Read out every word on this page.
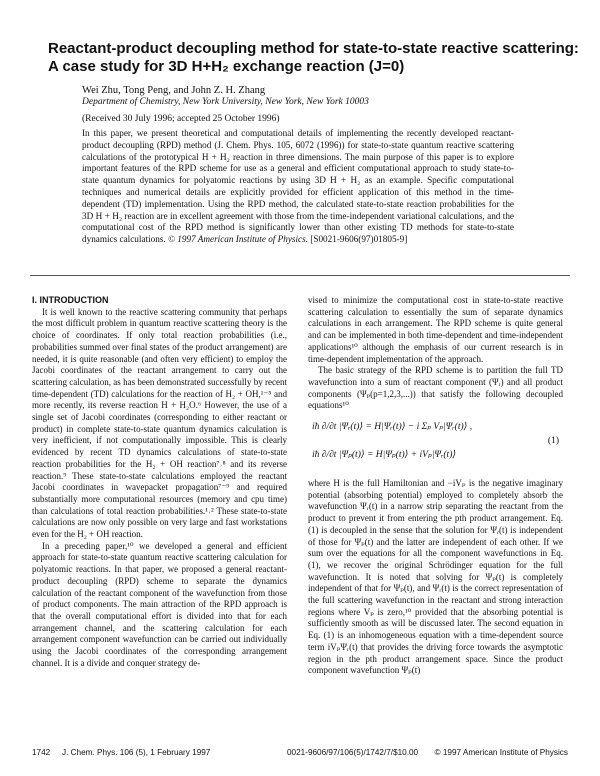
Reactant-product decoupling method for state-to-state reactive scattering:
A case study for 3D H+H₂ exchange reaction (J=0)
Wei Zhu, Tong Peng, and John Z. H. Zhang
Department of Chemistry, New York University, New York, New York 10003
(Received 30 July 1996; accepted 25 October 1996)

In this paper, we present theoretical and computational details of implementing the recently developed reactant-product decoupling (RPD) method (J. Chem. Phys. 105, 6072 (1996)) for state-to-state quantum reactive scattering calculations of the prototypical H + H₂ reaction in three dimensions. The main purpose of this paper is to explore important features of the RPD scheme for use as a general and efficient computational approach to study state-to-state quantum dynamics for polyatomic reactions by using 3D H + H₂ as an example. Specific computational techniques and numerical details are explicitly provided for efficient application of this method in the time-dependent (TD) implementation. Using the RPD method, the calculated state-to-state reaction probabilities for the 3D H + H₂ reaction are in excellent agreement with those from the time-independent variational calculations, and the computational cost of the RPD method is significantly lower than other existing TD methods for state-to-state dynamics calculations. © 1997 American Institute of Physics. [S0021-9606(97)01805-9]

I. INTRODUCTION

It is well known to the reactive scattering community that perhaps the most difficult problem in quantum reactive scattering theory is the choice of coordinates. If only total reaction probabilities (i.e., probabilities summed over final states of the product arrangement) are needed, it is quite reasonable (and often very efficient) to employ the Jacobi coordinates of the reactant arrangement to carry out the scattering calculation, as has been demonstrated successfully by recent time-dependent (TD) calculations for the reaction of H₂ + OH,¹⁻⁵ and more recently, its reverse reaction H + H₂O.⁶ However, the use of a single set of Jacobi coordinates (corresponding to either reactant or product) in complete state-to-state quantum dynamics calculation is very inefficient, if not computationally impossible. This is clearly evidenced by recent TD dynamics calculations of state-to-state reaction probabilities for the H₂ + OH reaction⁷˒⁸ and its reverse reaction.⁹ These state-to-state calculations employed the reactant Jacobi coordinates in wavepacket propagation⁷⁻⁹ and required substantially more computational resources (memory and cpu time) than calculations of total reaction probabilities.¹˒² These state-to-state calculations are now only possible on very large and fast workstations even for the H₂ + OH reaction.

In a preceding paper,¹⁰ we developed a general and efficient approach for state-to-state quantum reactive scattering calculation for polyatomic reactions. In that paper, we proposed a general reactant-product decoupling (RPD) scheme to separate the dynamics calculation of the reactant component of the wavefunction from those of product components. The main attraction of the RPD approach is that the overall computational effort is divided into that for each arrangement channel, and the scattering calculation for each arrangement component wavefunction can be carried out individually using the Jacobi coordinates of the corresponding arrangement channel. It is a divide and conquer strategy de-

vised to minimize the computational cost in state-to-state reactive scattering calculation to essentially the sum of separate dynamics calculations in each arrangement. The RPD scheme is quite general and can be implemented in both time-dependent and time-independent applications¹⁰ although the emphasis of our current research is in time-dependent implementation of the approach.

The basic strategy of the RPD scheme is to partition the full TD wavefunction into a sum of reactant component (Ψᵣ) and all product components (Ψₚ(p=1,2,3,...)) that satisfy the following decoupled equations¹⁰

iħ ∂/∂t |Ψᵣ(t)⟩ = H|Ψᵣ(t)⟩ − i Σₚ Vₚ|Ψᵣ(t)⟩ ,
iħ ∂/∂t |Ψₚ(t)⟩ = H|Ψₚ(t)⟩ + iVₚ|Ψᵣ(t)⟩
(1)

where H is the full Hamiltonian and −iVₚ is the negative imaginary potential (absorbing potential) employed to completely absorb the wavefunction Ψᵣ(t) in a narrow strip separating the reactant from the product to prevent it from entering the pth product arrangement. Eq. (1) is decoupled in the sense that the solution for Ψᵣ(t) is independent of those for Ψₚ(t) and the latter are independent of each other. If we sum over the equations for all the component wavefunctions in Eq. (1), we recover the original Schrödinger equation for the full wavefunction. It is noted that solving for Ψₚ(t) is completely independent of that for Ψₚ(t), and Ψᵣ(t) is the correct representation of the full scattering wavefunction in the reactant and strong interaction regions where Vₚ is zero,¹⁰ provided that the absorbing potential is sufficiently smooth as will be discussed later. The second equation in Eq. (1) is an inhomogeneous equation with a time-dependent source term iVₚΨᵣ(t) that provides the driving force towards the asymptotic region in the pth product arrangement space. Since the product component wavefunction Ψₚ(t)

1742 J. Chem. Phys. 106 (5), 1 February 1997	0021-9606/97/106(5)/1742/7/$10.00 © 1997 American Institute of Physics
